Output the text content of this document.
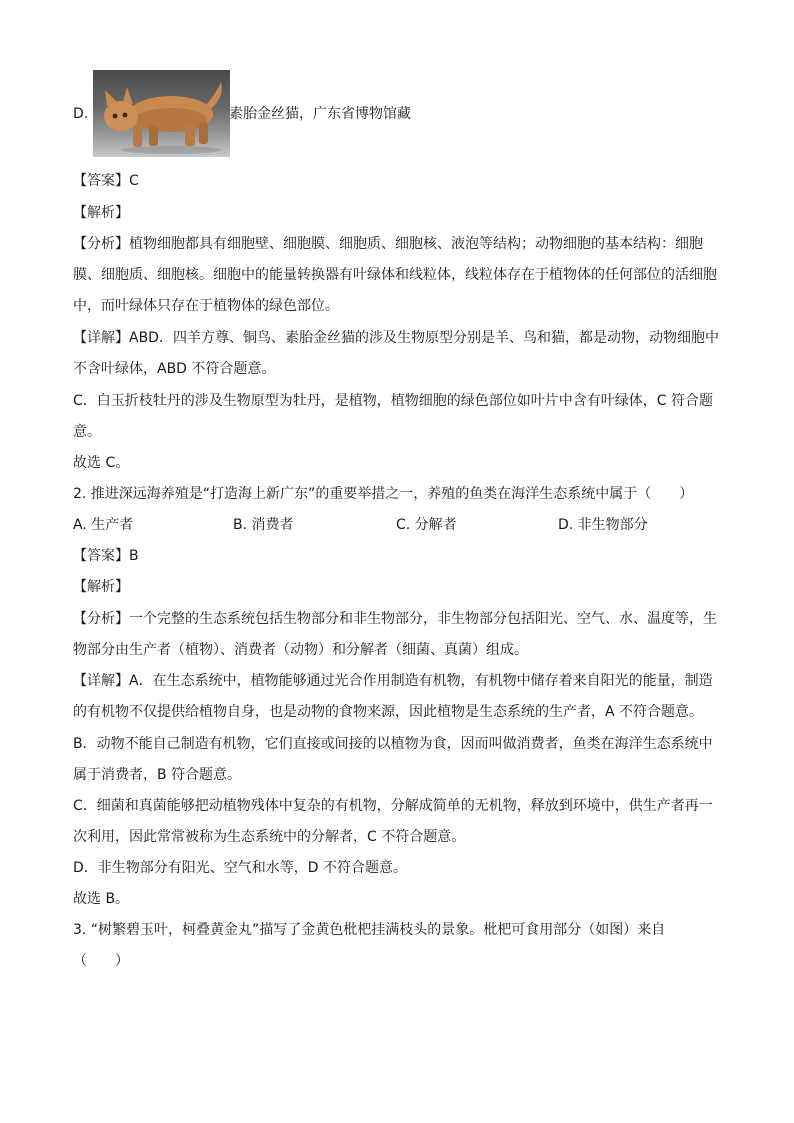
D.	素胎金丝猫，广东省博物馆藏
【答案】C
【解析】
【分析】植物细胞都具有细胞壁、细胞膜、细胞质、细胞核、液泡等结构；动物细胞的基本结构：细胞
膜、细胞质、细胞核。细胞中的能量转换器有叶绿体和线粒体，线粒体存在于植物体的任何部位的活细胞
中，而叶绿体只存在于植物体的绿色部位。
【详解】ABD．四羊方尊、铜鸟、素胎金丝猫的涉及生物原型分别是羊、鸟和猫，都是动物，动物细胞中
不含叶绿体，ABD 不符合题意。
C．白玉折枝牡丹的涉及生物原型为牡丹，是植物，植物细胞的绿色部位如叶片中含有叶绿体，C 符合题
意。
故选 C。
2. 推进深远海养殖是“打造海上新广东”的重要举措之一，养殖的鱼类在海洋生态系统中属于（　　）
A. 生产者	B. 消费者	C. 分解者	D. 非生物部分
【答案】B
【解析】
【分析】一个完整的生态系统包括生物部分和非生物部分，非生物部分包括阳光、空气、水、温度等，生
物部分由生产者（植物）、消费者（动物）和分解者（细菌、真菌）组成。
【详解】A．在生态系统中，植物能够通过光合作用制造有机物，有机物中储存着来自阳光的能量，制造
的有机物不仅提供给植物自身，也是动物的食物来源，因此植物是生态系统的生产者，A 不符合题意。
B．动物不能自己制造有机物，它们直接或间接的以植物为食，因而叫做消费者，鱼类在海洋生态系统中
属于消费者，B 符合题意。
C．细菌和真菌能够把动植物残体中复杂的有机物，分解成简单的无机物，释放到环境中，供生产者再一
次利用，因此常常被称为生态系统中的分解者，C 不符合题意。
D．非生物部分有阳光、空气和水等，D 不符合题意。
故选 B。
3. “树繁碧玉叶，柯叠黄金丸”描写了金黄色枇杷挂满枝头的景象。枇杷可食用部分（如图）来自
（　　）
